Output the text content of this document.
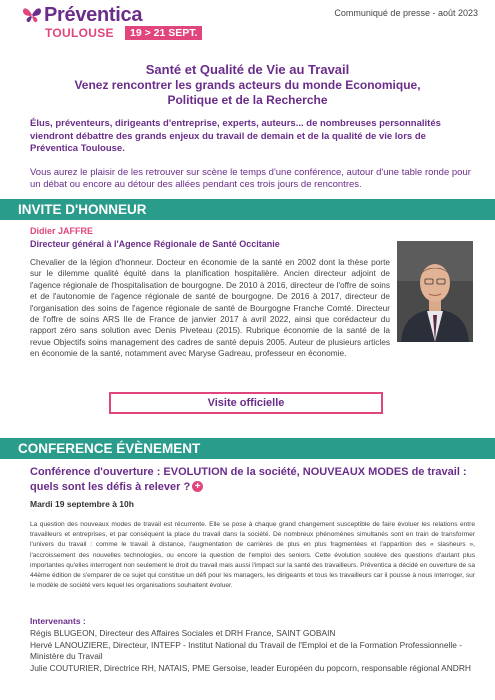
Préventica
TOULOUSE	19 > 21 SEPT.
Communiqué de presse - août 2023
Santé et Qualité de Vie au Travail
Venez rencontrer les grands acteurs du monde Economique,
Politique et de la Recherche
Élus, préventeurs, dirigeants d'entreprise, experts, auteurs... de nombreuses personnalités viendront débattre des grands enjeux du travail de demain et de la qualité de vie lors de Préventica Toulouse.
Vous aurez le plaisir de les retrouver sur scène le temps d'une conférence, autour d'une table ronde pour un débat ou encore au détour des allées pendant ces trois jours de rencontres.
INVITE D'HONNEUR
Didier JAFFRE
Directeur général à l'Agence Régionale de Santé Occitanie
Chevalier de la légion d'honneur. Docteur en économie de la santé en 2002 dont la thèse porte sur le dilemme qualité équité dans la planification hospitalière. Ancien directeur adjoint de l'agence régionale de l'hospitalisation de bourgogne. De 2010 à 2016, directeur de l'offre de soins et de l'autonomie de l'agence régionale de santé de bourgogne. De 2016 à 2017, directeur de l'organisation des soins de l'agence régionale de santé de Bourgogne Franche Comté. Directeur de l'offre de soins ARS Ile de France de janvier 2017 à avril 2022, ainsi que corédacteur du rapport zéro sans solution avec Denis Piveteau (2015). Rubrique économie de la santé de la revue Objectifs soins management des cadres de santé depuis 2005. Auteur de plusieurs articles en économie de la santé, notamment avec Maryse Gadreau, professeur en économie.
Visite officielle
CONFERENCE ÉVÈNEMENT
Conférence d'ouverture : EVOLUTION de la société, NOUVEAUX MODES de travail : quels sont les défis à relever ? +
Mardi 19 septembre à 10h
La question des nouveaux modes de travail est récurrente. Elle se pose à chaque grand changement susceptible de faire évoluer les relations entre travailleurs et entreprises, et par conséquent la place du travail dans la société. De nombreux phénomènes simultanés sont en train de transformer l'univers du travail : comme le travail à distance, l'augmentation de carrières de plus en plus fragmentées et l'apparition des « slasheurs », l'accroissement des nouvelles technologies, ou encore la question de l'emploi des seniors. Cette évolution soulève des questions d'autant plus importantes qu'elles interrogent non seulement le droit du travail mais aussi l'impact sur la santé des travailleurs. Préventica a décidé en ouverture de sa 44ème édition de s'emparer de ce sujet qui constitue un défi pour les managers, les dirigeants et tous les travailleurs car il pousse à nous interroger, sur le modèle de société vers lequel les organisations souhaitent évoluer.
Intervenants :
Régis BLUGEON, Directeur des Affaires Sociales et DRH France, SAINT GOBAIN
Hervé LANOUZIERE, Directeur, INTEFP - Institut National du Travail de l'Emploi et de la Formation Professionnelle - Ministère du Travail
Julie COUTURIER, Directrice RH, NATAIS, PME Gersoise, leader Européen du popcorn, responsable régional ANDRH
